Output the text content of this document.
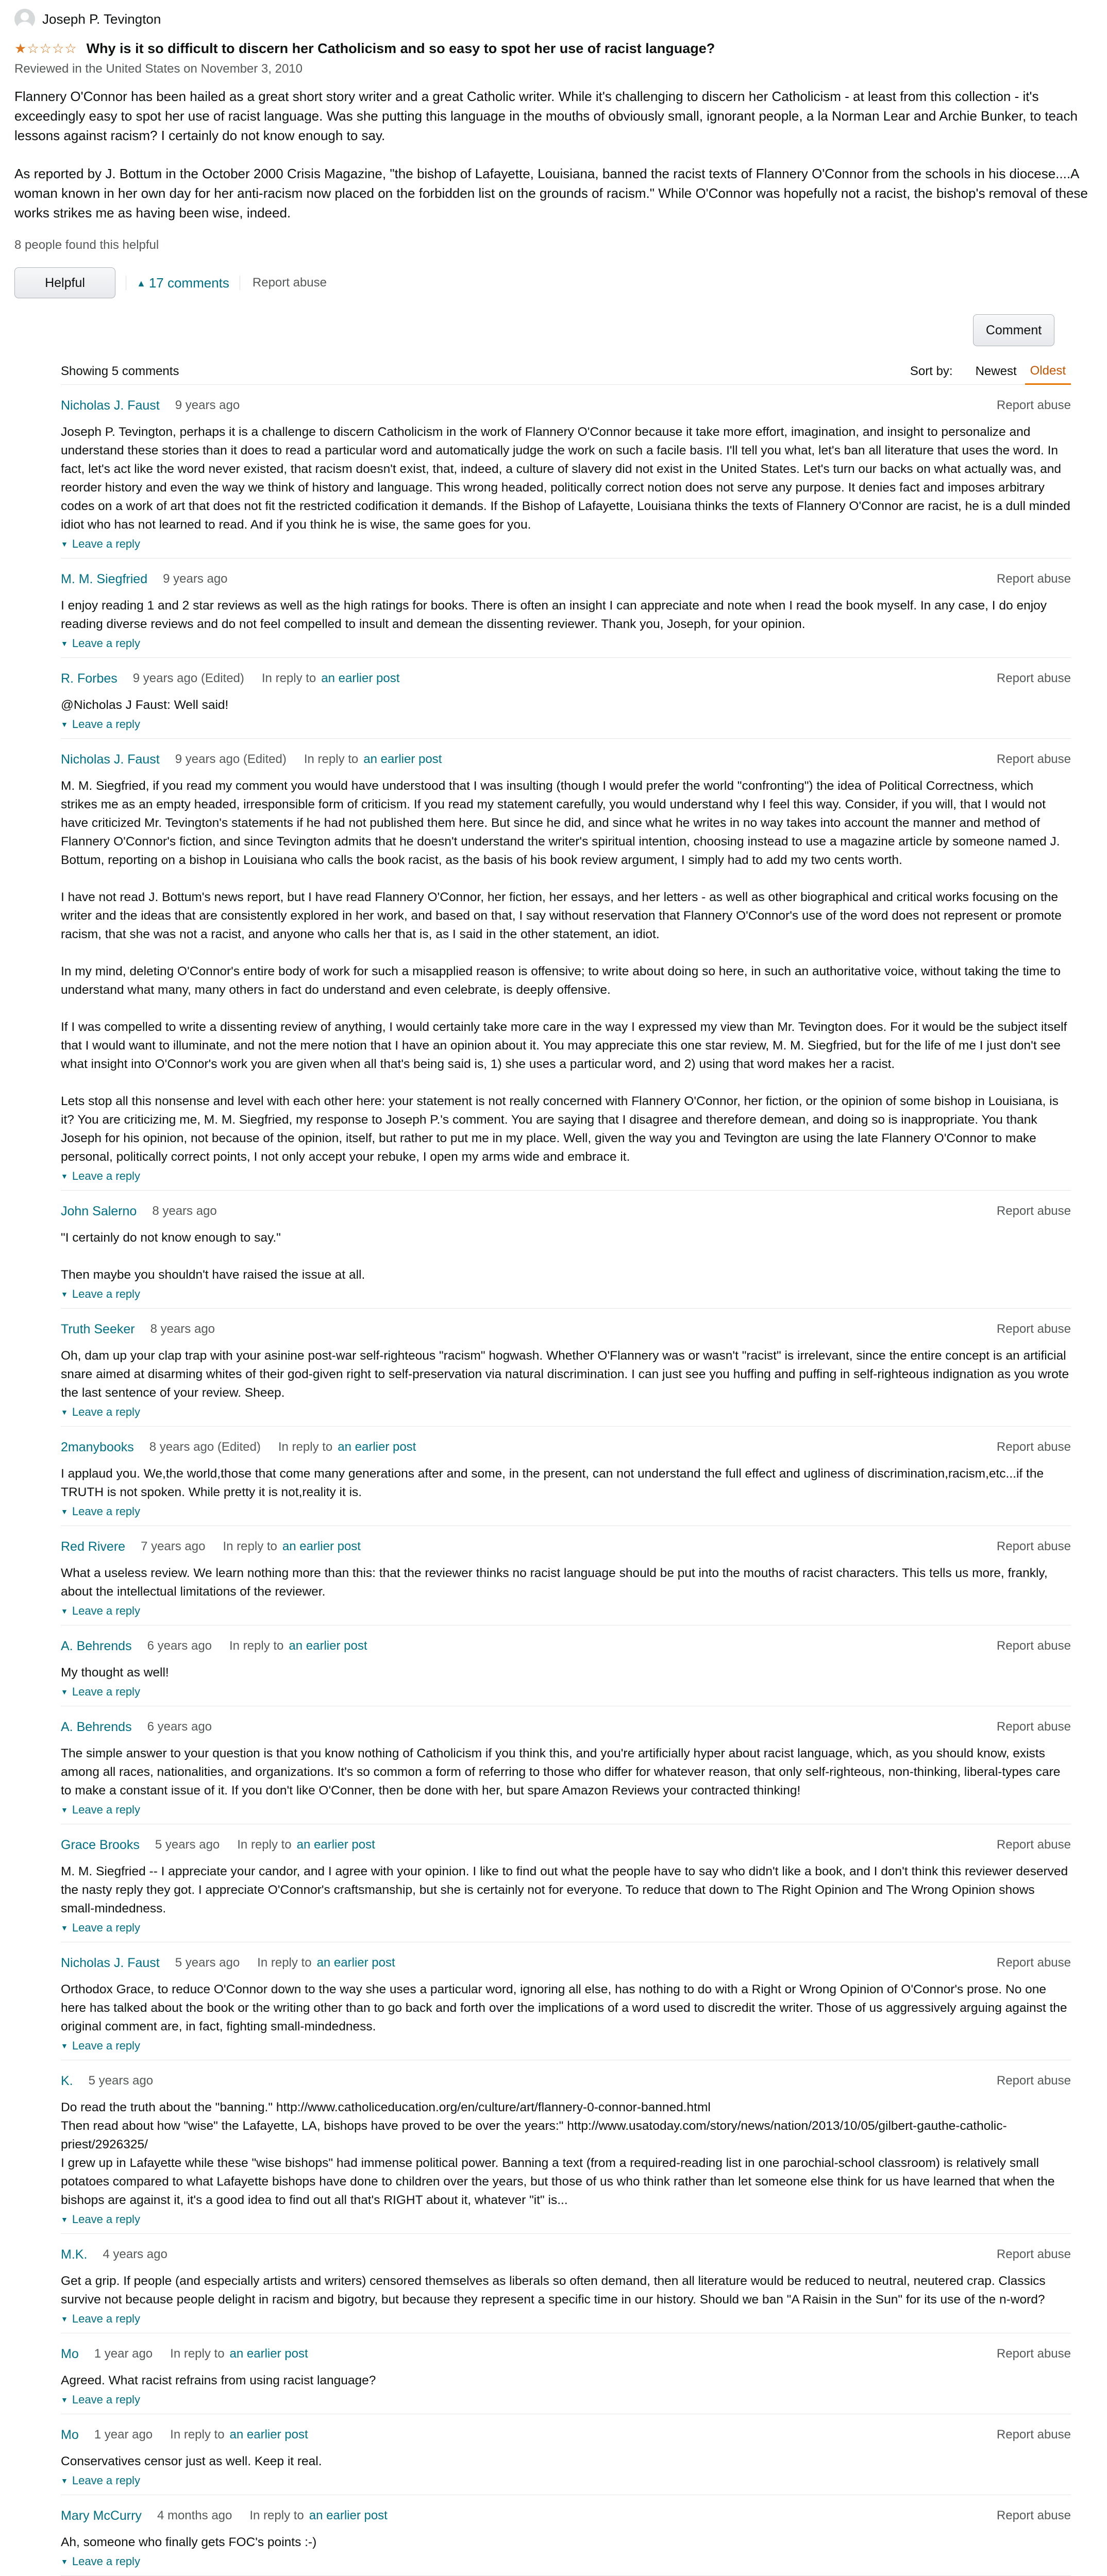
Joseph P. Tevington
★☆☆☆☆ Why is it so difficult to discern her Catholicism and so easy to spot her use of racist language?
Reviewed in the United States on November 3, 2010

Flannery O'Connor has been hailed as a great short story writer and a great Catholic writer. While it's challenging to discern her Catholicism - at least from this collection - it's exceedingly easy to spot her use of racist language. Was she putting this language in the mouths of obviously small, ignorant people, a la Norman Lear and Archie Bunker, to teach lessons against racism? I certainly do not know enough to say.

As reported by J. Bottum in the October 2000 Crisis Magazine, "the bishop of Lafayette, Louisiana, banned the racist texts of Flannery O'Connor from the schools in his diocese....A woman known in her own day for her anti-racism now placed on the forbidden list on the grounds of racism." While O'Connor was hopefully not a racist, the bishop's removal of these works strikes me as having been wise, indeed.

8 people found this helpful
Helpful	▲ 17 comments Report abuse
Comment
Showing 5 comments	Sort by:	Newest	Oldest
Nicholas J. Faust 9 years ago	Report abuse

Joseph P. Tevington, perhaps it is a challenge to discern Catholicism in the work of Flannery O'Connor because it take more effort, imagination, and insight to personalize and understand these stories than it does to read a particular word and automatically judge the work on such a facile basis. I'll tell you what, let's ban all literature that uses the word. In fact, let's act like the word never existed, that racism doesn't exist, that, indeed, a culture of slavery did not exist in the United States. Let's turn our backs on what actually was, and reorder history and even the way we think of history and language. This wrong headed, politically correct notion does not serve any purpose. It denies fact and imposes arbitrary codes on a work of art that does not fit the restricted codification it demands. If the Bishop of Lafayette, Louisiana thinks the texts of Flannery O'Connor are racist, he is a dull minded idiot who has not learned to read. And if you think he is wise, the same goes for you.

▼ Leave a reply
M. M. Siegfried 9 years ago	Report abuse

I enjoy reading 1 and 2 star reviews as well as the high ratings for books. There is often an insight I can appreciate and note when I read the book myself. In any case, I do enjoy reading diverse reviews and do not feel compelled to insult and demean the dissenting reviewer. Thank you, Joseph, for your opinion.

▼ Leave a reply
R. Forbes 9 years ago (Edited) In reply to an earlier post	Report abuse

@Nicholas J Faust: Well said!

▼ Leave a reply
Nicholas J. Faust 9 years ago (Edited) In reply to an earlier post	Report abuse

M. M. Siegfried, if you read my comment you would have understood that I was insulting (though I would prefer the world "confronting") the idea of Political Correctness, which strikes me as an empty headed, irresponsible form of criticism. If you read my statement carefully, you would understand why I feel this way. Consider, if you will, that I would not have criticized Mr. Tevington's statements if he had not published them here. But since he did, and since what he writes in no way takes into account the manner and method of Flannery O'Connor's fiction, and since Tevington admits that he doesn't understand the writer's spiritual intention, choosing instead to use a magazine article by someone named J. Bottum, reporting on a bishop in Louisiana who calls the book racist, as the basis of his book review argument, I simply had to add my two cents worth.

I have not read J. Bottum's news report, but I have read Flannery O'Connor, her fiction, her essays, and her letters - as well as other biographical and critical works focusing on the writer and the ideas that are consistently explored in her work, and based on that, I say without reservation that Flannery O'Connor's use of the word does not represent or promote racism, that she was not a racist, and anyone who calls her that is, as I said in the other statement, an idiot.

In my mind, deleting O'Connor's entire body of work for such a misapplied reason is offensive; to write about doing so here, in such an authoritative voice, without taking the time to understand what many, many others in fact do understand and even celebrate, is deeply offensive.

If I was compelled to write a dissenting review of anything, I would certainly take more care in the way I expressed my view than Mr. Tevington does. For it would be the subject itself that I would want to illuminate, and not the mere notion that I have an opinion about it. You may appreciate this one star review, M. M. Siegfried, but for the life of me I just don't see what insight into O'Connor's work you are given when all that's being said is, 1) she uses a particular word, and 2) using that word makes her a racist.

Lets stop all this nonsense and level with each other here: your statement is not really concerned with Flannery O'Connor, her fiction, or the opinion of some bishop in Louisiana, is it? You are criticizing me, M. M. Siegfried, my response to Joseph P.'s comment. You are saying that I disagree and therefore demean, and doing so is inappropriate. You thank Joseph for his opinion, not because of the opinion, itself, but rather to put me in my place. Well, given the way you and Tevington are using the late Flannery O'Connor to make personal, politically correct points, I not only accept your rebuke, I open my arms wide and embrace it.

▼ Leave a reply
John Salerno 8 years ago	Report abuse

"I certainly do not know enough to say."

Then maybe you shouldn't have raised the issue at all.

▼ Leave a reply
Truth Seeker 8 years ago	Report abuse

Oh, dam up your clap trap with your asinine post-war self-righteous "racism" hogwash. Whether O'Flannery was or wasn't "racist" is irrelevant, since the entire concept is an artificial snare aimed at disarming whites of their god-given right to self-preservation via natural discrimination. I can just see you huffing and puffing in self-righteous indignation as you wrote the last sentence of your review. Sheep.

▼ Leave a reply
2manybooks 8 years ago (Edited) In reply to an earlier post	Report abuse

I applaud you. We,the world,those that come many generations after and some, in the present, can not understand the full effect and ugliness of discrimination,racism,etc...if the TRUTH is not spoken. While pretty it is not,reality it is.

▼ Leave a reply
Red Rivere 7 years ago In reply to an earlier post	Report abuse

What a useless review. We learn nothing more than this: that the reviewer thinks no racist language should be put into the mouths of racist characters. This tells us more, frankly, about the intellectual limitations of the reviewer.

▼ Leave a reply
A. Behrends 6 years ago In reply to an earlier post	Report abuse

My thought as well!

▼ Leave a reply
A. Behrends 6 years ago	Report abuse

The simple answer to your question is that you know nothing of Catholicism if you think this, and you're artificially hyper about racist language, which, as you should know, exists among all races, nationalities, and organizations. It's so common a form of referring to those who differ for whatever reason, that only self-righteous, non-thinking, liberal-types care to make a constant issue of it. If you don't like O'Conner, then be done with her, but spare Amazon Reviews your contracted thinking!

▼ Leave a reply
Grace Brooks 5 years ago In reply to an earlier post	Report abuse

M. M. Siegfried -- I appreciate your candor, and I agree with your opinion. I like to find out what the people have to say who didn't like a book, and I don't think this reviewer deserved the nasty reply they got. I appreciate O'Connor's craftsmanship, but she is certainly not for everyone. To reduce that down to The Right Opinion and The Wrong Opinion shows small-mindedness.

▼ Leave a reply
Nicholas J. Faust 5 years ago In reply to an earlier post	Report abuse

Orthodox Grace, to reduce O'Connor down to the way she uses a particular word, ignoring all else, has nothing to do with a Right or Wrong Opinion of O'Connor's prose. No one here has talked about the book or the writing other than to go back and forth over the implications of a word used to discredit the writer. Those of us aggressively arguing against the original comment are, in fact, fighting small-mindedness.

▼ Leave a reply
K. 5 years ago	Report abuse

Do read the truth about the "banning." http://www.catholiceducation.org/en/culture/art/flannery-0-connor-banned.html
Then read about how "wise" the Lafayette, LA, bishops have proved to be over the years:" http://www.usatoday.com/story/news/nation/2013/10/05/gilbert-gauthe-catholic-priest/2926325/
I grew up in Lafayette while these "wise bishops" had immense political power. Banning a text (from a required-reading list in one parochial-school classroom) is relatively small potatoes compared to what Lafayette bishops have done to children over the years, but those of us who think rather than let someone else think for us have learned that when the bishops are against it, it's a good idea to find out all that's RIGHT about it, whatever "it" is...

▼ Leave a reply
M.K. 4 years ago	Report abuse

Get a grip. If people (and especially artists and writers) censored themselves as liberals so often demand, then all literature would be reduced to neutral, neutered crap. Classics survive not because people delight in racism and bigotry, but because they represent a specific time in our history. Should we ban "A Raisin in the Sun" for its use of the n-word?

▼ Leave a reply
Mo 1 year ago In reply to an earlier post	Report abuse

Agreed. What racist refrains from using racist language?

▼ Leave a reply
Mo 1 year ago In reply to an earlier post	Report abuse

Conservatives censor just as well. Keep it real.

▼ Leave a reply
Mary McCurry 4 months ago In reply to an earlier post	Report abuse

Ah, someone who finally gets FOC's points :-)

▼ Leave a reply
